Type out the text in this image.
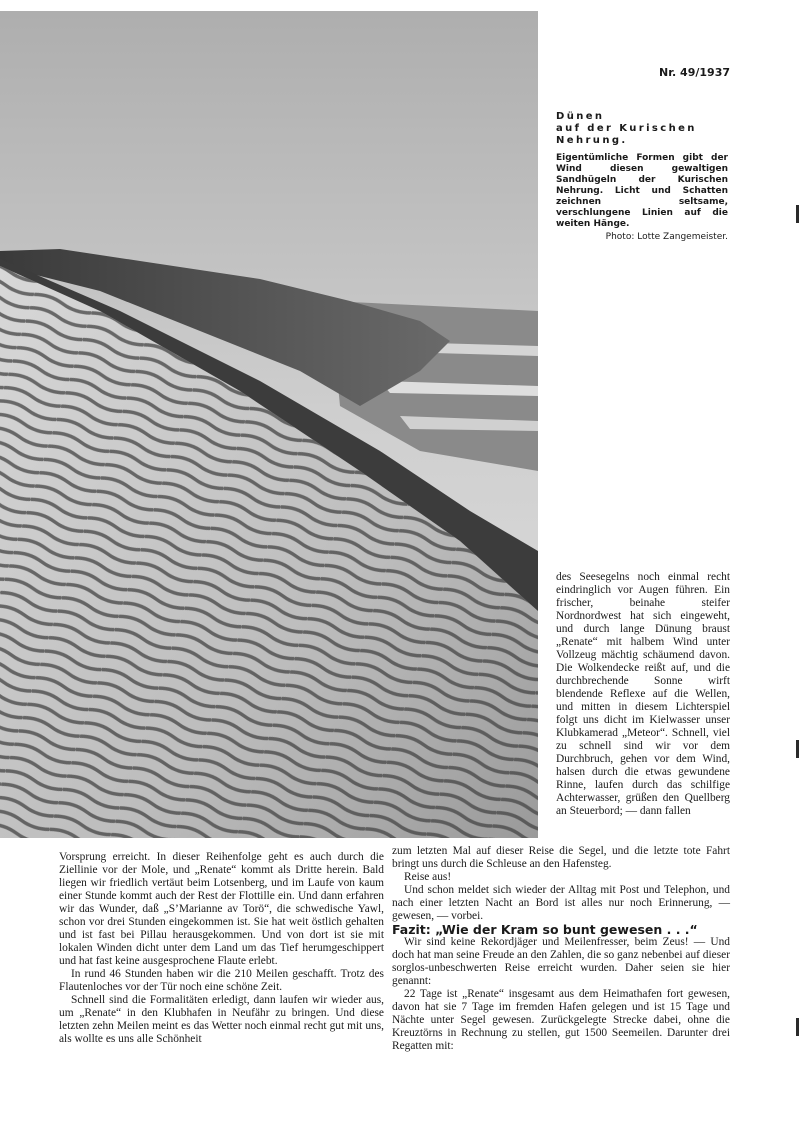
Nr. 49/1937

Dünen
auf der Kurischen
Nehrung.

Eigentümliche Formen gibt der Wind diesen gewaltigen Sandhügeln der Kurischen Nehrung. Licht und Schatten zeichnen seltsame, verschlungene Linien auf die weiten Hänge.

Photo: Lotte Zangemeister.

des Seesegelns noch einmal recht eindringlich vor Augen führen. Ein frischer, beinahe steifer Nordnordwest hat sich eingeweht, und durch lange Dünung braust „Renate“ mit halbem Wind unter Vollzeug mächtig schäumend davon. Die Wolkendecke reißt auf, und die durchbrechende Sonne wirft blendende Reflexe auf die Wellen, und mitten in diesem Lichterspiel folgt uns dicht im Kielwasser unser Klubkamerad „Meteor“. Schnell, viel zu schnell sind wir vor dem Durchbruch, gehen vor dem Wind, halsen durch die etwas gewundene Rinne, laufen durch das schilfige Achterwasser, grüßen den Quellberg an Steuerbord; — dann fallen

Vorsprung erreicht. In dieser Reihenfolge geht es auch durch die Ziellinie vor der Mole, und „Renate“ kommt als Dritte herein. Bald liegen wir friedlich vertäut beim Lotsenberg, und im Laufe von kaum einer Stunde kommt auch der Rest der Flottille ein. Und dann erfahren wir das Wunder, daß „S’Marianne av Torö“, die schwedische Yawl, schon vor drei Stunden eingekommen ist. Sie hat weit östlich gehalten und ist fast bei Pillau herausgekommen. Und von dort ist sie mit lokalen Winden dicht unter dem Land um das Tief herumgeschippert und hat fast keine ausgesprochene Flaute erlebt.

In rund 46 Stunden haben wir die 210 Meilen geschafft. Trotz des Flautenloches vor der Tür noch eine schöne Zeit.

Schnell sind die Formalitäten erledigt, dann laufen wir wieder aus, um „Renate“ in den Klubhafen in Neufähr zu bringen. Und diese letzten zehn Meilen meint es das Wetter noch einmal recht gut mit uns, als wollte es uns alle Schönheit

zum letzten Mal auf dieser Reise die Segel, und die letzte tote Fahrt bringt uns durch die Schleuse an den Hafensteg.

Reise aus!

Und schon meldet sich wieder der Alltag mit Post und Telephon, und nach einer letzten Nacht an Bord ist alles nur noch Erinnerung, — gewesen, — vorbei.

Fazit: „Wie der Kram so bunt gewesen . . .“

Wir sind keine Rekordjäger und Meilenfresser, beim Zeus! — Und doch hat man seine Freude an den Zahlen, die so ganz nebenbei auf dieser sorglos-unbeschwerten Reise erreicht wurden. Daher seien sie hier genannt:

22 Tage ist „Renate“ insgesamt aus dem Heimathafen fort gewesen, davon hat sie 7 Tage im fremden Hafen gelegen und ist 15 Tage und Nächte unter Segel gewesen. Zurückgelegte Strecke dabei, ohne die Kreuztörns in Rechnung zu stellen, gut 1500 Seemeilen. Darunter drei Regatten mit:
